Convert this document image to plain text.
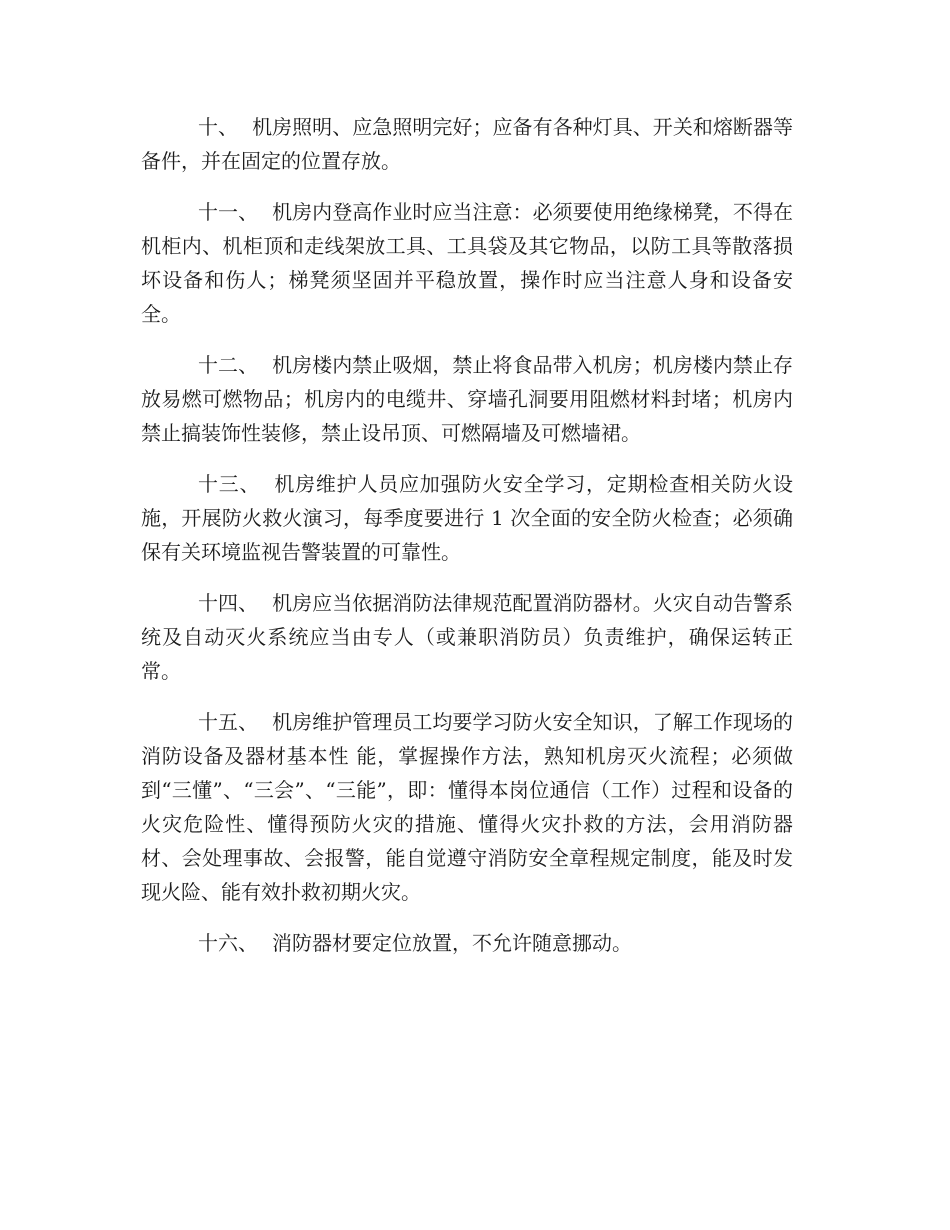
十、 机房照明、应急照明完好；应备有各种灯具、开关和熔断器等备件，并在固定的位置存放。

十一、 机房内登高作业时应当注意：必须要使用绝缘梯凳，不得在机柜内、机柜顶和走线架放工具、工具袋及其它物品，以防工具等散落损坏设备和伤人；梯凳须坚固并平稳放置，操作时应当注意人身和设备安全。

十二、 机房楼内禁止吸烟，禁止将食品带入机房；机房楼内禁止存放易燃可燃物品；机房内的电缆井、穿墙孔洞要用阻燃材料封堵；机房内禁止搞装饰性装修，禁止设吊顶、可燃隔墙及可燃墙裙。

十三、 机房维护人员应加强防火安全学习，定期检查相关防火设施，开展防火救火演习，每季度要进行 1 次全面的安全防火检查；必须确保有关环境监视告警装置的可靠性。

十四、 机房应当依据消防法律规范配置消防器材。火灾自动告警系统及自动灭火系统应当由专人（或兼职消防员）负责维护，确保运转正常。

十五、 机房维护管理员工均要学习防火安全知识，了解工作现场的消防设备及器材基本性 能，掌握操作方法，熟知机房灭火流程；必须做到“三懂”、“三会”、“三能”，即：懂得本岗位通信（工作）过程和设备的火灾危险性、懂得预防火灾的措施、懂得火灾扑救的方法，会用消防器材、会处理事故、会报警，能自觉遵守消防安全章程规定制度，能及时发现火险、能有效扑救初期火灾。

十六、 消防器材要定位放置，不允许随意挪动。
